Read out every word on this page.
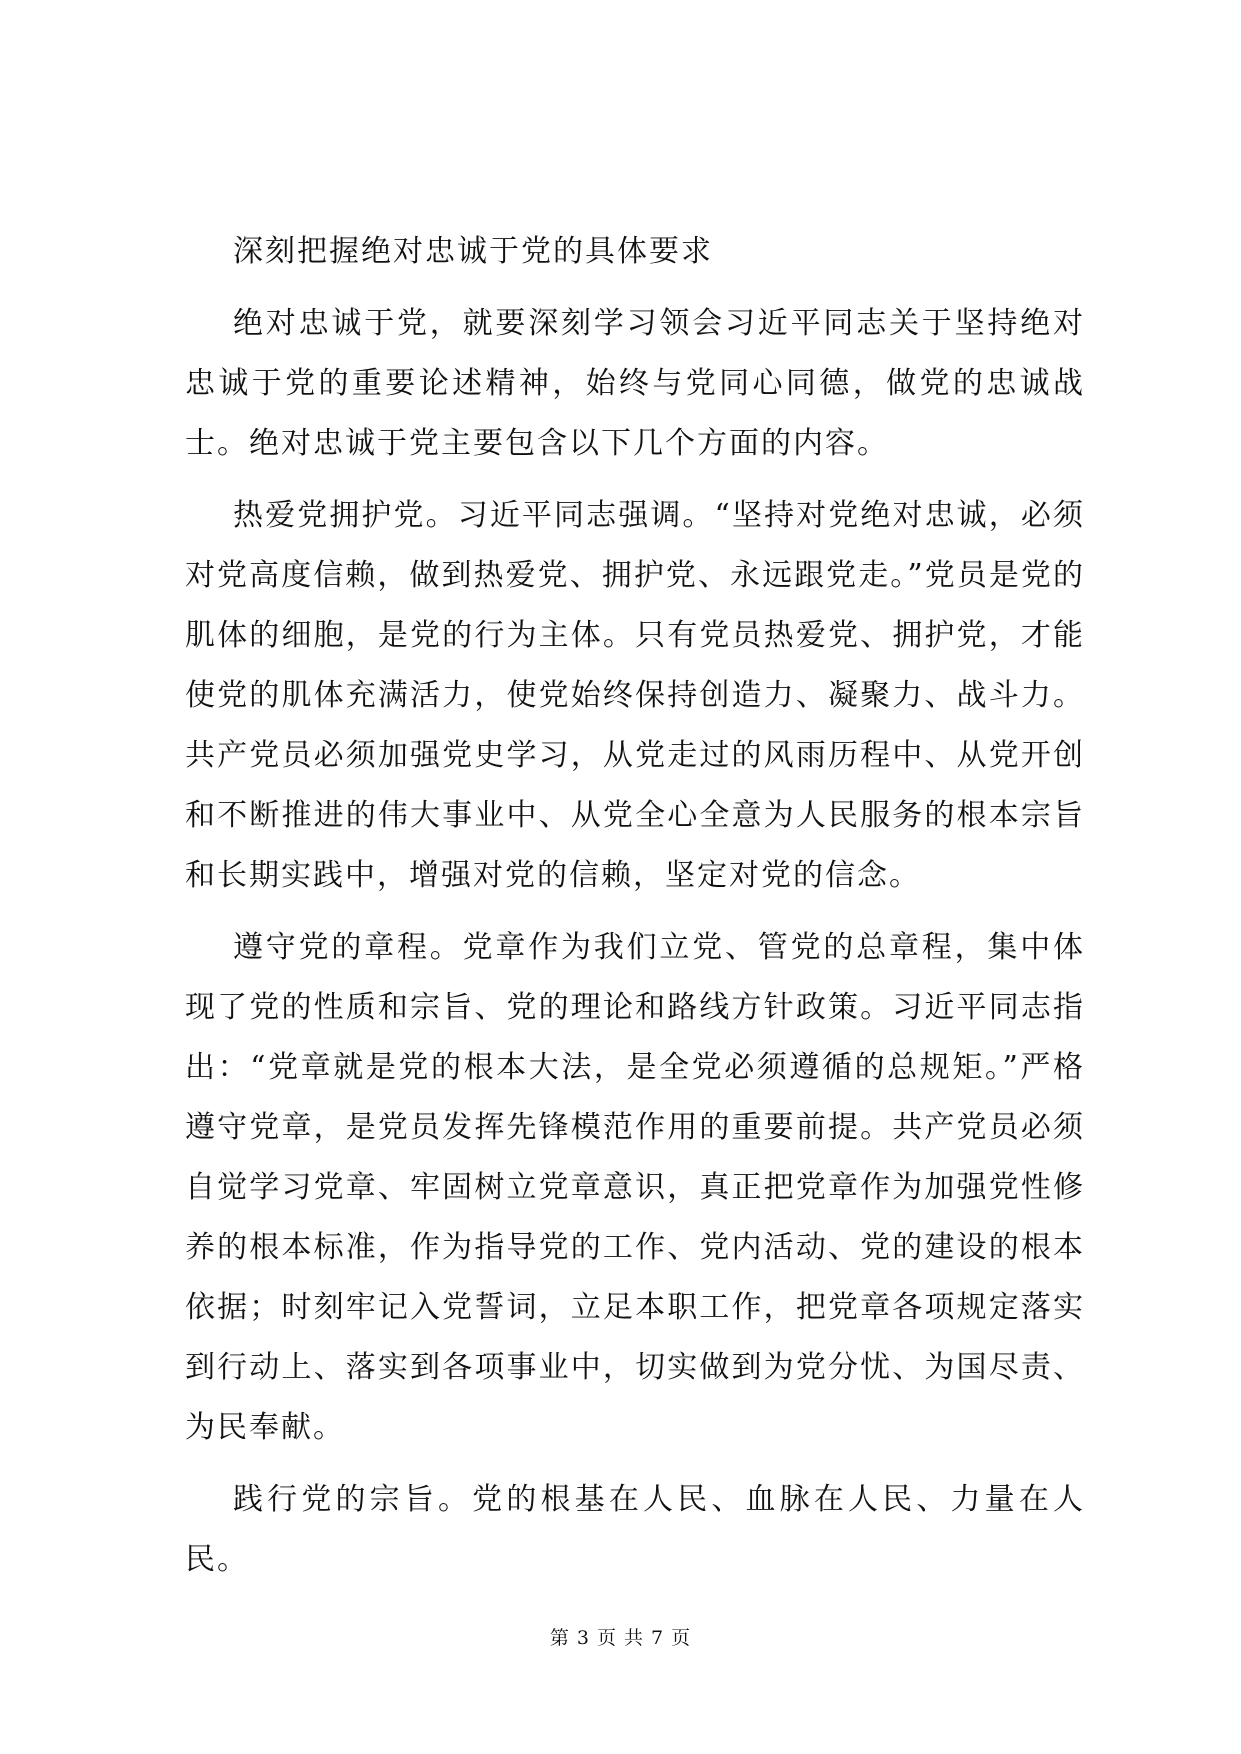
深刻把握绝对忠诚于党的具体要求

绝对忠诚于党，就要深刻学习领会习近平同志关于坚持绝对忠诚于党的重要论述精神，始终与党同心同德，做党的忠诚战士。绝对忠诚于党主要包含以下几个方面的内容。

热爱党拥护党。习近平同志强调。“坚持对党绝对忠诚，必须对党高度信赖，做到热爱党、拥护党、永远跟党走。”党员是党的肌体的细胞，是党的行为主体。只有党员热爱党、拥护党，才能使党的肌体充满活力，使党始终保持创造力、凝聚力、战斗力。共产党员必须加强党史学习，从党走过的风雨历程中、从党开创和不断推进的伟大事业中、从党全心全意为人民服务的根本宗旨和长期实践中，增强对党的信赖，坚定对党的信念。

遵守党的章程。党章作为我们立党、管党的总章程，集中体现了党的性质和宗旨、党的理论和路线方针政策。习近平同志指出：“党章就是党的根本大法，是全党必须遵循的总规矩。”严格遵守党章，是党员发挥先锋模范作用的重要前提。共产党员必须自觉学习党章、牢固树立党章意识，真正把党章作为加强党性修养的根本标准，作为指导党的工作、党内活动、党的建设的根本依据；时刻牢记入党誓词，立足本职工作，把党章各项规定落实到行动上、落实到各项事业中，切实做到为党分忧、为国尽责、为民奉献。

践行党的宗旨。党的根基在人民、血脉在人民、力量在人民。

第 3 页 共 7 页
